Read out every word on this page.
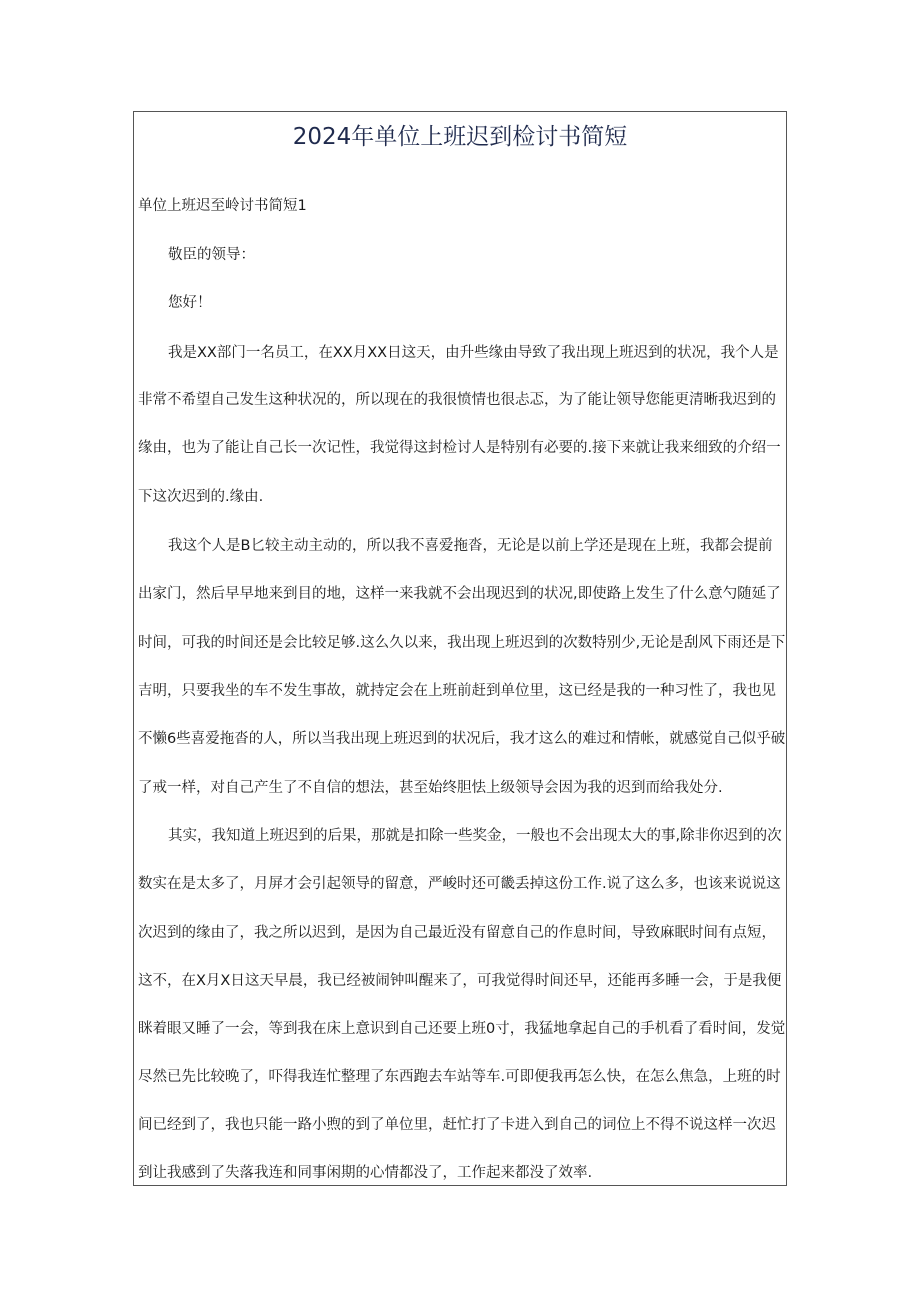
2024年单位上班迟到检讨书简短
单位上班迟至岭讨书简短1
敬臣的领导：
您好！
我是XX部门一名员工，在XX月XX日这天，由升些缘由导致了我出现上班迟到的状况，我个人是
非常不希望自己发生这种状况的，所以现在的我很愤情也很忐忑，为了能让领导您能更清晰我迟到的
缘由，也为了能让自己长一次记性，我觉得这封检讨人是特别有必要的.接下来就让我来细致的介绍一
下这次迟到的.缘由.
我这个人是B匕较主动主动的，所以我不喜爱拖沓，无论是以前上学还是现在上班，我都会提前
出家门，然后早早地来到目的地，这样一来我就不会出现迟到的状况,即使路上发生了什么意勺随延了
时间，可我的时间还是会比较足够.这么久以来，我出现上班迟到的次数特别少,无论是刮风下雨还是下
吉明，只要我坐的车不发生事故，就持定会在上班前赶到单位里，这已经是我的一种习性了，我也见
不懒6些喜爱拖沓的人，所以当我出现上班迟到的状况后，我才这么的难过和情帐，就感觉自己似乎破
了戒一样，对自己产生了不自信的想法，甚至始终胆怯上级领导会因为我的迟到而给我处分.
其实，我知道上班迟到的后果，那就是扣除一些奖金，一般也不会出现太大的事,除非你迟到的次
数实在是太多了，月屏才会引起领导的留意，严峻时还可畿丢掉这份工作.说了这么多，也该来说说这
次迟到的缘由了，我之所以迟到，是因为自己最近没有留意自己的作息时间，导致麻眠时间有点短，
这不，在X月X日这天早晨，我已经被闹钟叫醒来了，可我觉得时间还早，还能再多睡一会，于是我便
眯着眼又睡了一会，等到我在床上意识到自己还要上班0寸，我猛地拿起自己的手机看了看时间，发觉
尽然已先比较晚了，吓得我连忙整理了东西跑去车站等车.可即便我再怎么快，在怎么焦急，上班的时
间已经到了，我也只能一路小煦的到了单位里，赶忙打了卡进入到自己的词位上不得不说这样一次迟
到让我感到了失落我连和同事闲期的心情都没了，工作起来都没了效率.
